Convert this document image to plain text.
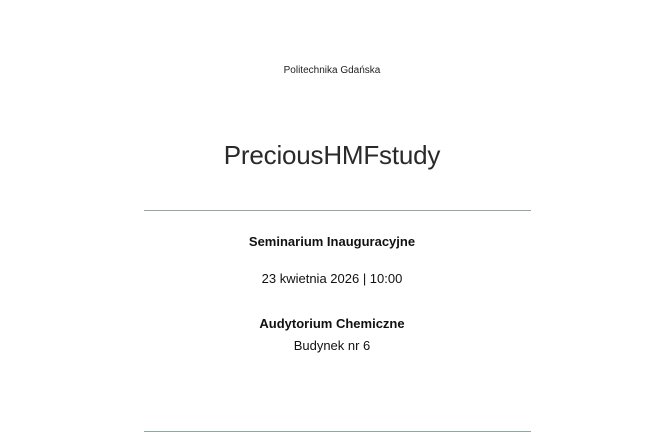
Politechnika Gdańska
PreciousHMFstudy
Seminarium Inauguracyjne
23 kwietnia 2026 | 10:00
Audytorium Chemiczne
Budynek nr 6
